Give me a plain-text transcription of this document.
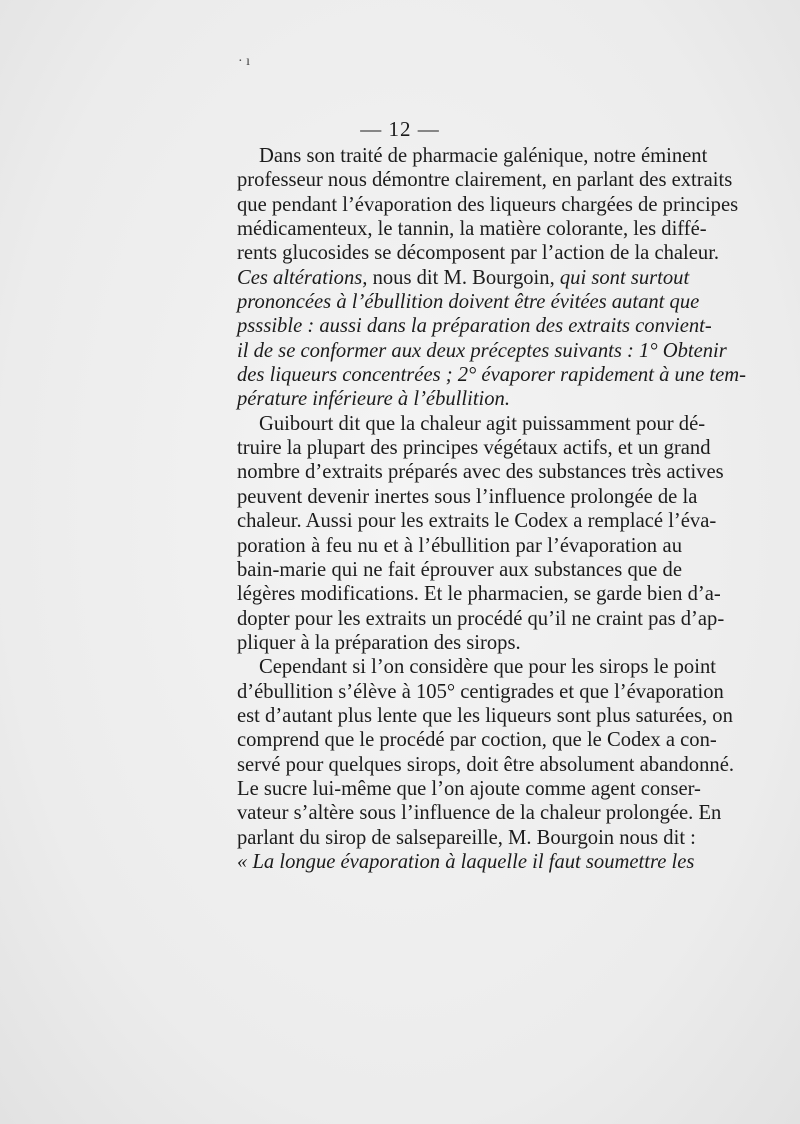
· ı
— 12 —
Dans son traité de pharmacie galénique, notre éminent
professeur nous démontre clairement, en parlant des extraits
que pendant l’évaporation des liqueurs chargées de principes
médicamenteux, le tannin, la matière colorante, les diffé-
rents glucosides se décomposent par l’action de la chaleur.
Ces altérations, nous dit M. Bourgoin, qui sont surtout
prononcées à l’ébullition doivent être évitées autant que
psssible : aussi dans la préparation des extraits convient-
il de se conformer aux deux préceptes suivants : 1° Obtenir
des liqueurs concentrées ; 2° évaporer rapidement à une tem-
pérature inférieure à l’ébullition.
Guibourt dit que la chaleur agit puissamment pour dé-
truire la plupart des principes végétaux actifs, et un grand
nombre d’extraits préparés avec des substances très actives
peuvent devenir inertes sous l’influence prolongée de la
chaleur. Aussi pour les extraits le Codex a remplacé l’éva-
poration à feu nu et à l’ébullition par l’évaporation au
bain-marie qui ne fait éprouver aux substances que de
légères modifications. Et le pharmacien, se garde bien d’a-
dopter pour les extraits un procédé qu’il ne craint pas d’ap-
pliquer à la préparation des sirops.
Cependant si l’on considère que pour les sirops le point
d’ébullition s’élève à 105° centigrades et que l’évaporation
est d’autant plus lente que les liqueurs sont plus saturées, on
comprend que le procédé par coction, que le Codex a con-
servé pour quelques sirops, doit être absolument abandonné.
Le sucre lui-même que l’on ajoute comme agent conser-
vateur s’altère sous l’influence de la chaleur prolongée. En
parlant du sirop de salsepareille, M. Bourgoin nous dit :
« La longue évaporation à laquelle il faut soumettre les
